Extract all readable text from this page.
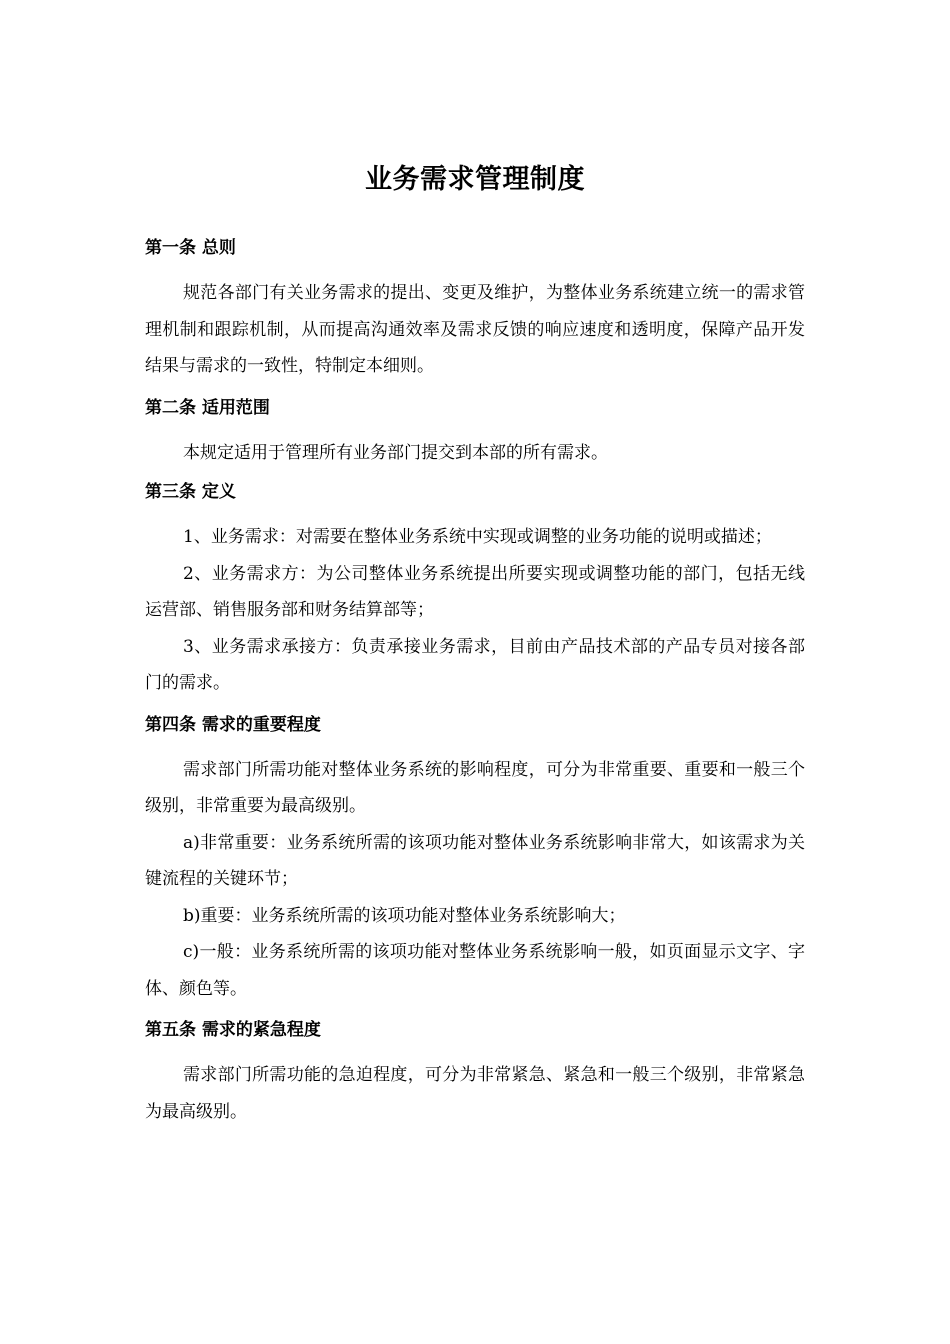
业务需求管理制度
第一条 总则

规范各部门有关业务需求的提出、变更及维护，为整体业务系统建立统一的需求管理机制和跟踪机制，从而提高沟通效率及需求反馈的响应速度和透明度，保障产品开发结果与需求的一致性，特制定本细则。

第二条 适用范围

本规定适用于管理所有业务部门提交到本部的所有需求。

第三条 定义

1、业务需求：对需要在整体业务系统中实现或调整的业务功能的说明或描述；

2、业务需求方：为公司整体业务系统提出所要实现或调整功能的部门，包括无线运营部、销售服务部和财务结算部等；

3、业务需求承接方：负责承接业务需求，目前由产品技术部的产品专员对接各部门的需求。

第四条 需求的重要程度

需求部门所需功能对整体业务系统的影响程度，可分为非常重要、重要和一般三个级别，非常重要为最高级别。

a)非常重要：业务系统所需的该项功能对整体业务系统影响非常大，如该需求为关键流程的关键环节；

b)重要：业务系统所需的该项功能对整体业务系统影响大；

c)一般：业务系统所需的该项功能对整体业务系统影响一般，如页面显示文字、字体、颜色等。

第五条 需求的紧急程度

需求部门所需功能的急迫程度，可分为非常紧急、紧急和一般三个级别，非常紧急为最高级别。
